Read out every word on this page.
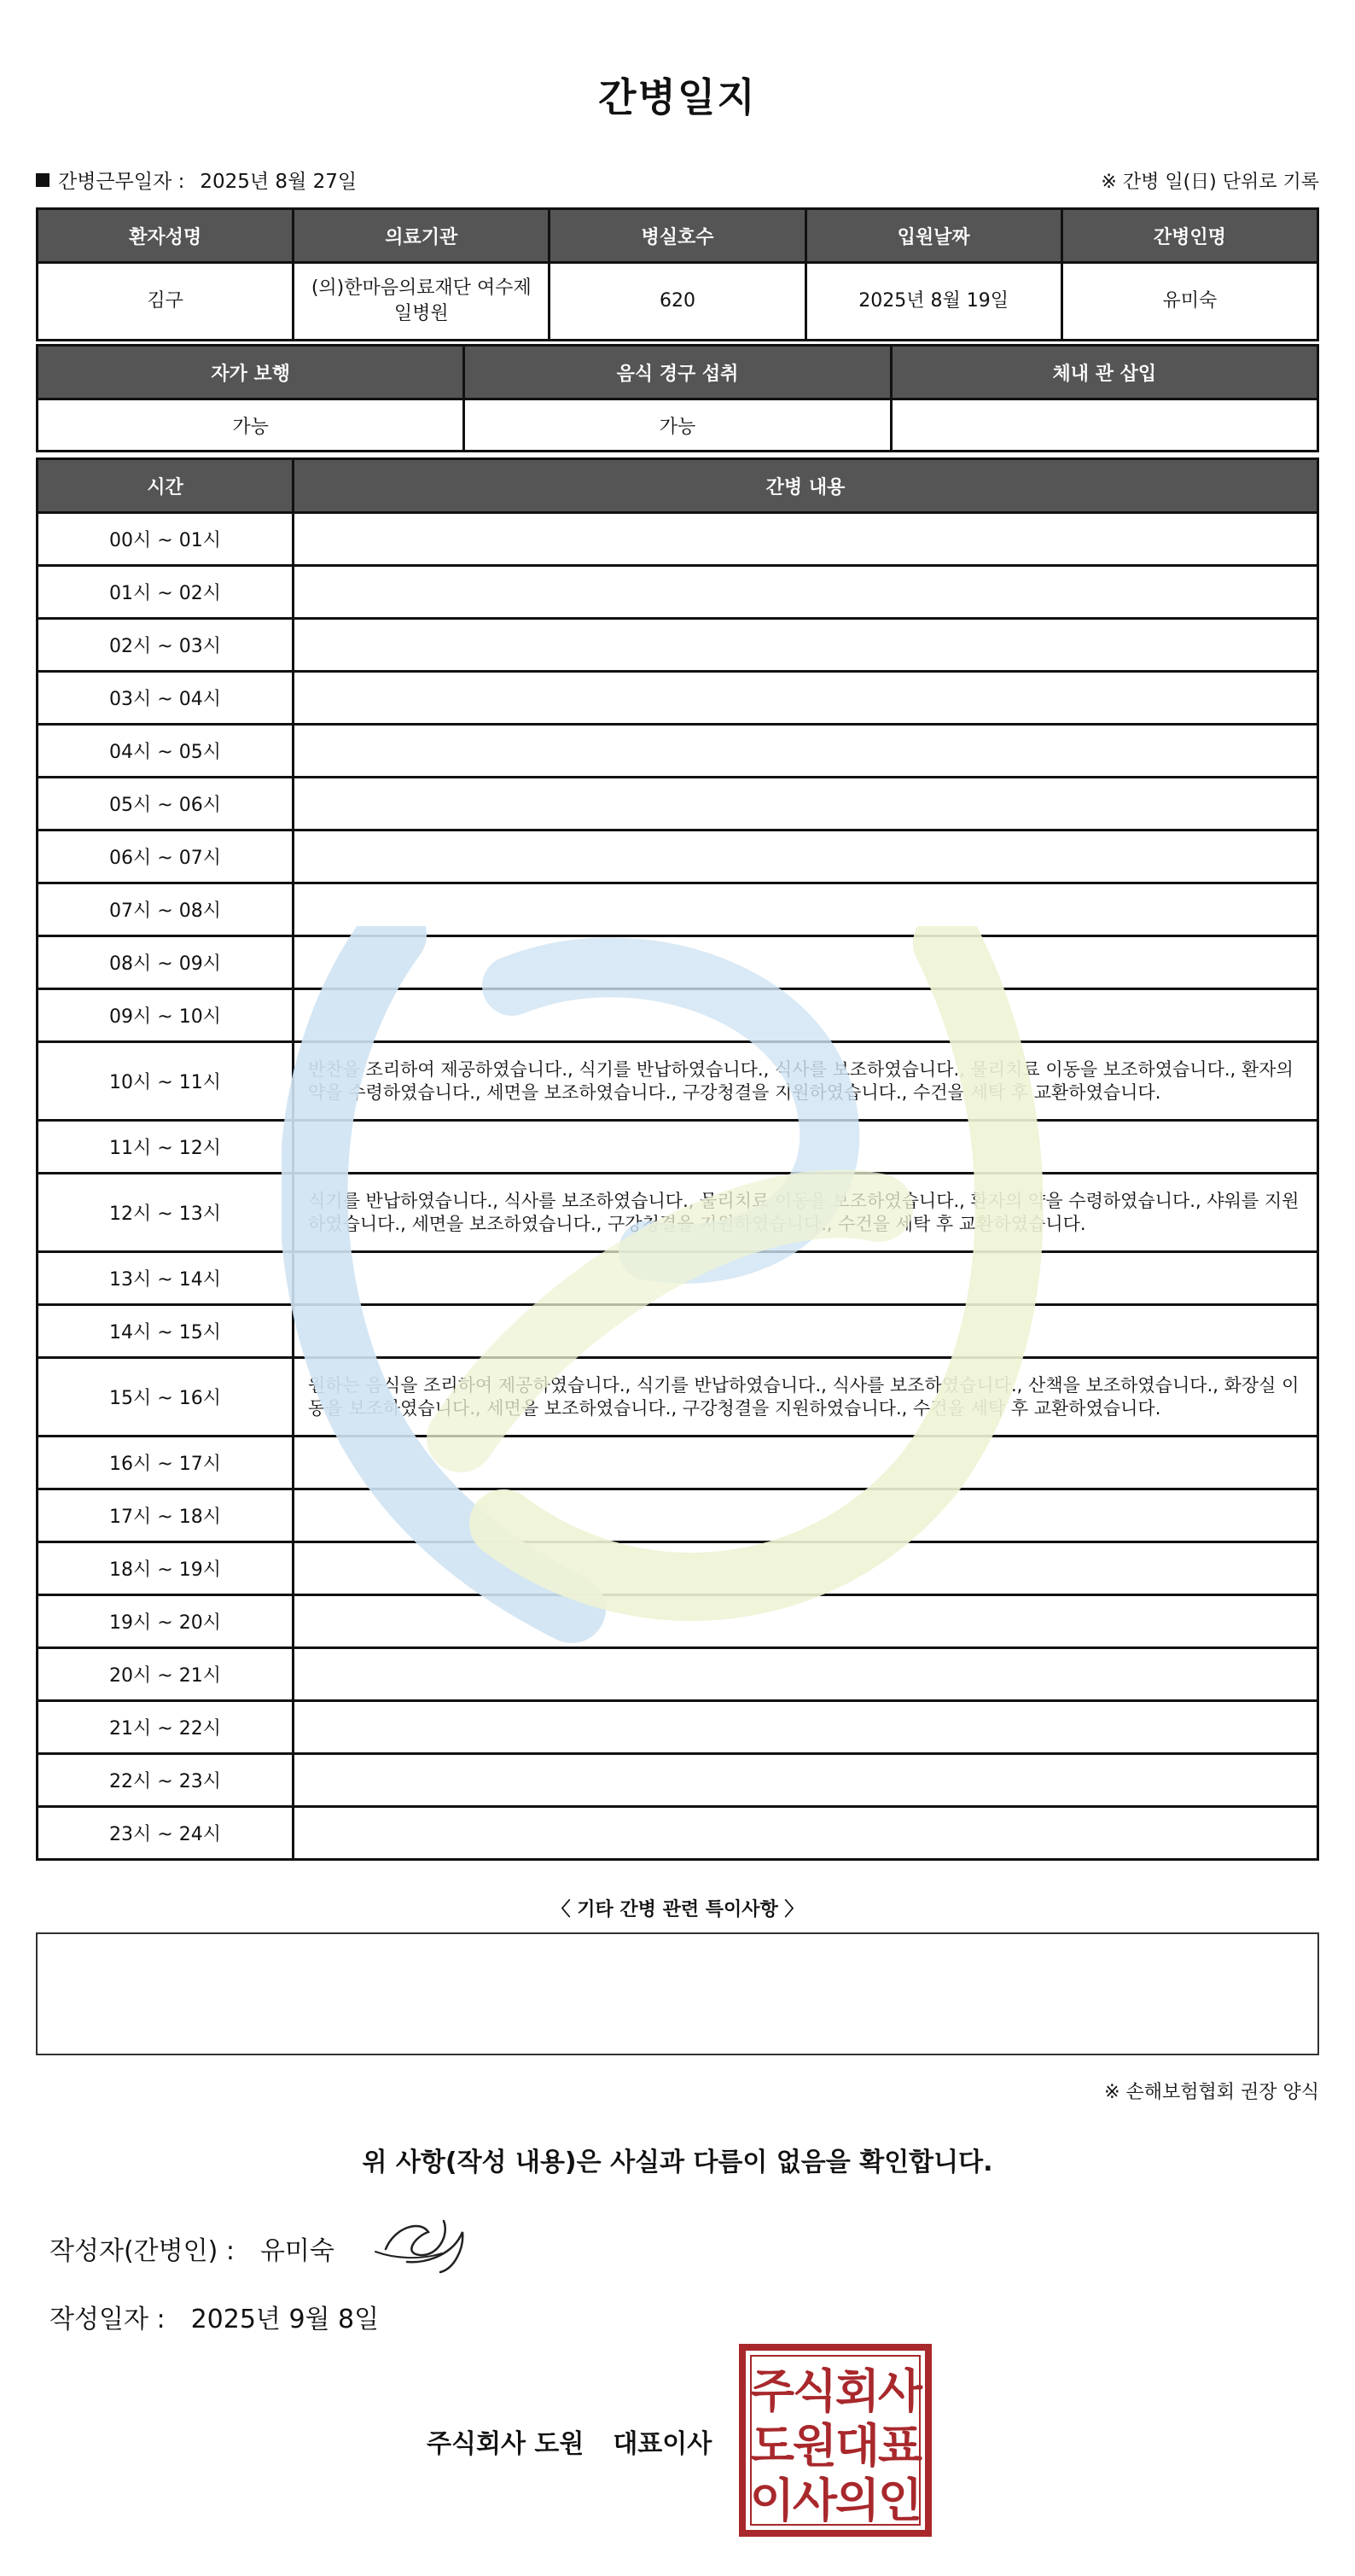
간병일지
간병근무일자 : 2025년 8월 27일	※ 간병 일(日) 단위로 기록
환자성명	의료기관	병실호수	입원날짜	간병인명
김구	(의)한마음의료재단 여수제일병원	620	2025년 8월 19일	유미숙
자가 보행	음식 경구 섭취	체내 관 삽입
가능	가능	
시간	간병 내용
00시 ~ 01시	
01시 ~ 02시	
02시 ~ 03시	
03시 ~ 04시	
04시 ~ 05시	
05시 ~ 06시	
06시 ~ 07시	
07시 ~ 08시	
08시 ~ 09시	
09시 ~ 10시	
10시 ~ 11시	반찬을 조리하여 제공하였습니다., 식기를 반납하였습니다., 식사를 보조하였습니다., 물리치료 이동을 보조하였습니다., 환자의 약을 수령하였습니다., 세면을 보조하였습니다., 구강청결을 지원하였습니다., 수건을 세탁 후 교환하였습니다.
11시 ~ 12시	
12시 ~ 13시	식기를 반납하였습니다., 식사를 보조하였습니다., 물리치료 이동을 보조하였습니다., 환자의 약을 수령하였습니다., 샤워를 지원하였습니다., 세면을 보조하였습니다., 구강청결을 지원하였습니다., 수건을 세탁 후 교환하였습니다.
13시 ~ 14시	
14시 ~ 15시	
15시 ~ 16시	원하는 음식을 조리하여 제공하였습니다., 식기를 반납하였습니다., 식사를 보조하였습니다., 산책을 보조하였습니다., 화장실 이동을 보조하였습니다., 세면을 보조하였습니다., 구강청결을 지원하였습니다., 수건을 세탁 후 교환하였습니다.
16시 ~ 17시	
17시 ~ 18시	
18시 ~ 19시	
19시 ~ 20시	
20시 ~ 21시	
21시 ~ 22시	
22시 ~ 23시	
23시 ~ 24시	
〈 기타 간병 관련 특이사항 〉
※ 손해보험협회 권장 양식
위 사항(작성 내용)은 사실과 다름이 없음을 확인합니다.
작성자(간병인) : 유미숙
작성일자 : 2025년 9월 8일
주식회사 도원 대표이사
주
식
회
사
도
원
대
표
이
사
의
인
